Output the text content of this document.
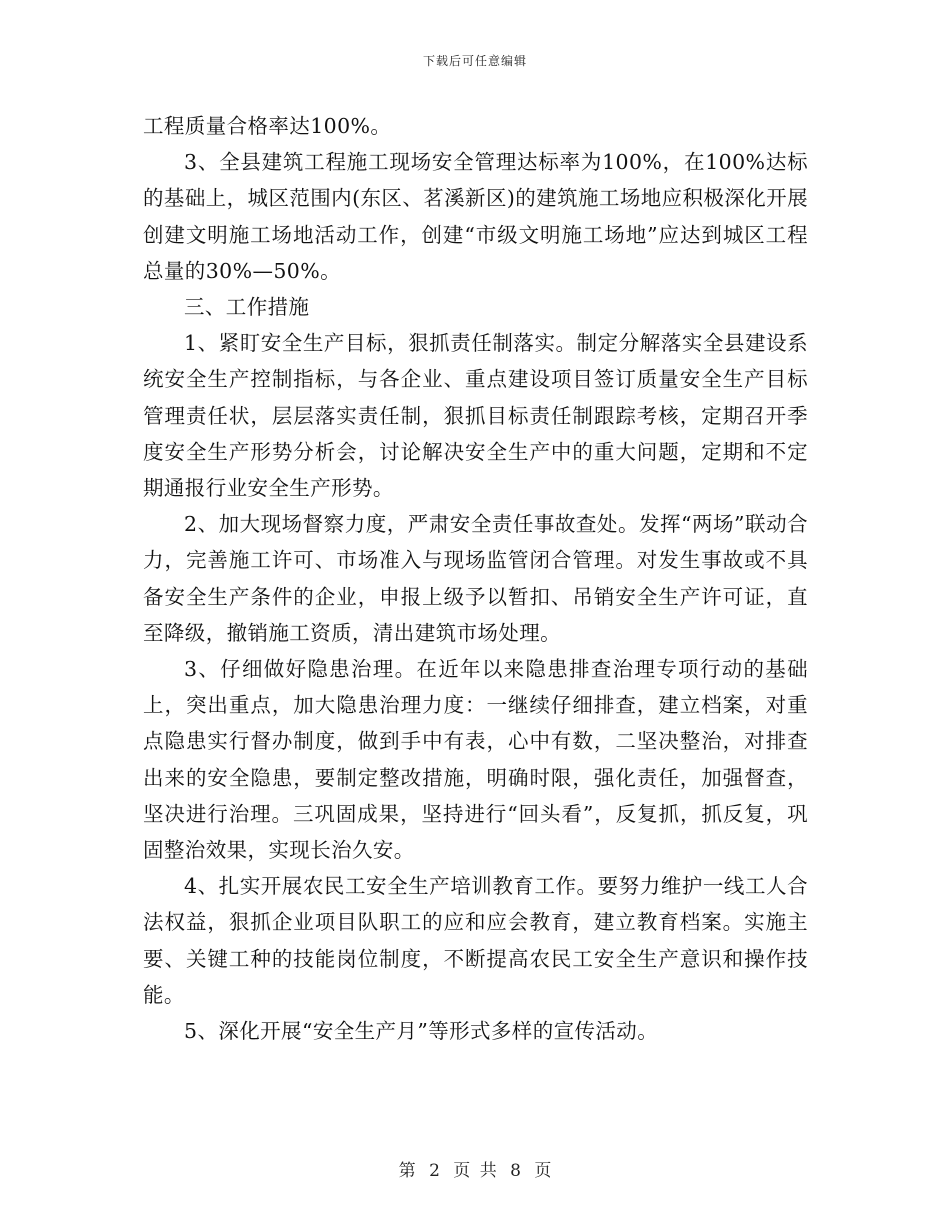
下载后可任意编辑

工程质量合格率达100%。

3、全县建筑工程施工现场安全管理达标率为100%，在100%达标的基础上，城区范围内(东区、茗溪新区)的建筑施工场地应积极深化开展创建文明施工场地活动工作，创建“市级文明施工场地”应达到城区工程总量的30%—50%。

三、工作措施

1、紧盯安全生产目标，狠抓责任制落实。制定分解落实全县建设系统安全生产控制指标，与各企业、重点建设项目签订质量安全生产目标管理责任状，层层落实责任制，狠抓目标责任制跟踪考核，定期召开季度安全生产形势分析会，讨论解决安全生产中的重大问题，定期和不定期通报行业安全生产形势。

2、加大现场督察力度，严肃安全责任事故查处。发挥“两场”联动合力，完善施工许可、市场准入与现场监管闭合管理。对发生事故或不具备安全生产条件的企业，申报上级予以暂扣、吊销安全生产许可证，直至降级，撤销施工资质，清出建筑市场处理。

3、仔细做好隐患治理。在近年以来隐患排查治理专项行动的基础上，突出重点，加大隐患治理力度：一继续仔细排查，建立档案，对重点隐患实行督办制度，做到手中有表，心中有数，二坚决整治，对排查出来的安全隐患，要制定整改措施，明确时限，强化责任，加强督查，坚决进行治理。三巩固成果，坚持进行“回头看”，反复抓，抓反复，巩固整治效果，实现长治久安。

4、扎实开展农民工安全生产培训教育工作。要努力维护一线工人合法权益，狠抓企业项目队职工的应和应会教育，建立教育档案。实施主要、关键工种的技能岗位制度，不断提高农民工安全生产意识和操作技能。

5、深化开展“安全生产月”等形式多样的宣传活动。

第 2 页 共 8 页
